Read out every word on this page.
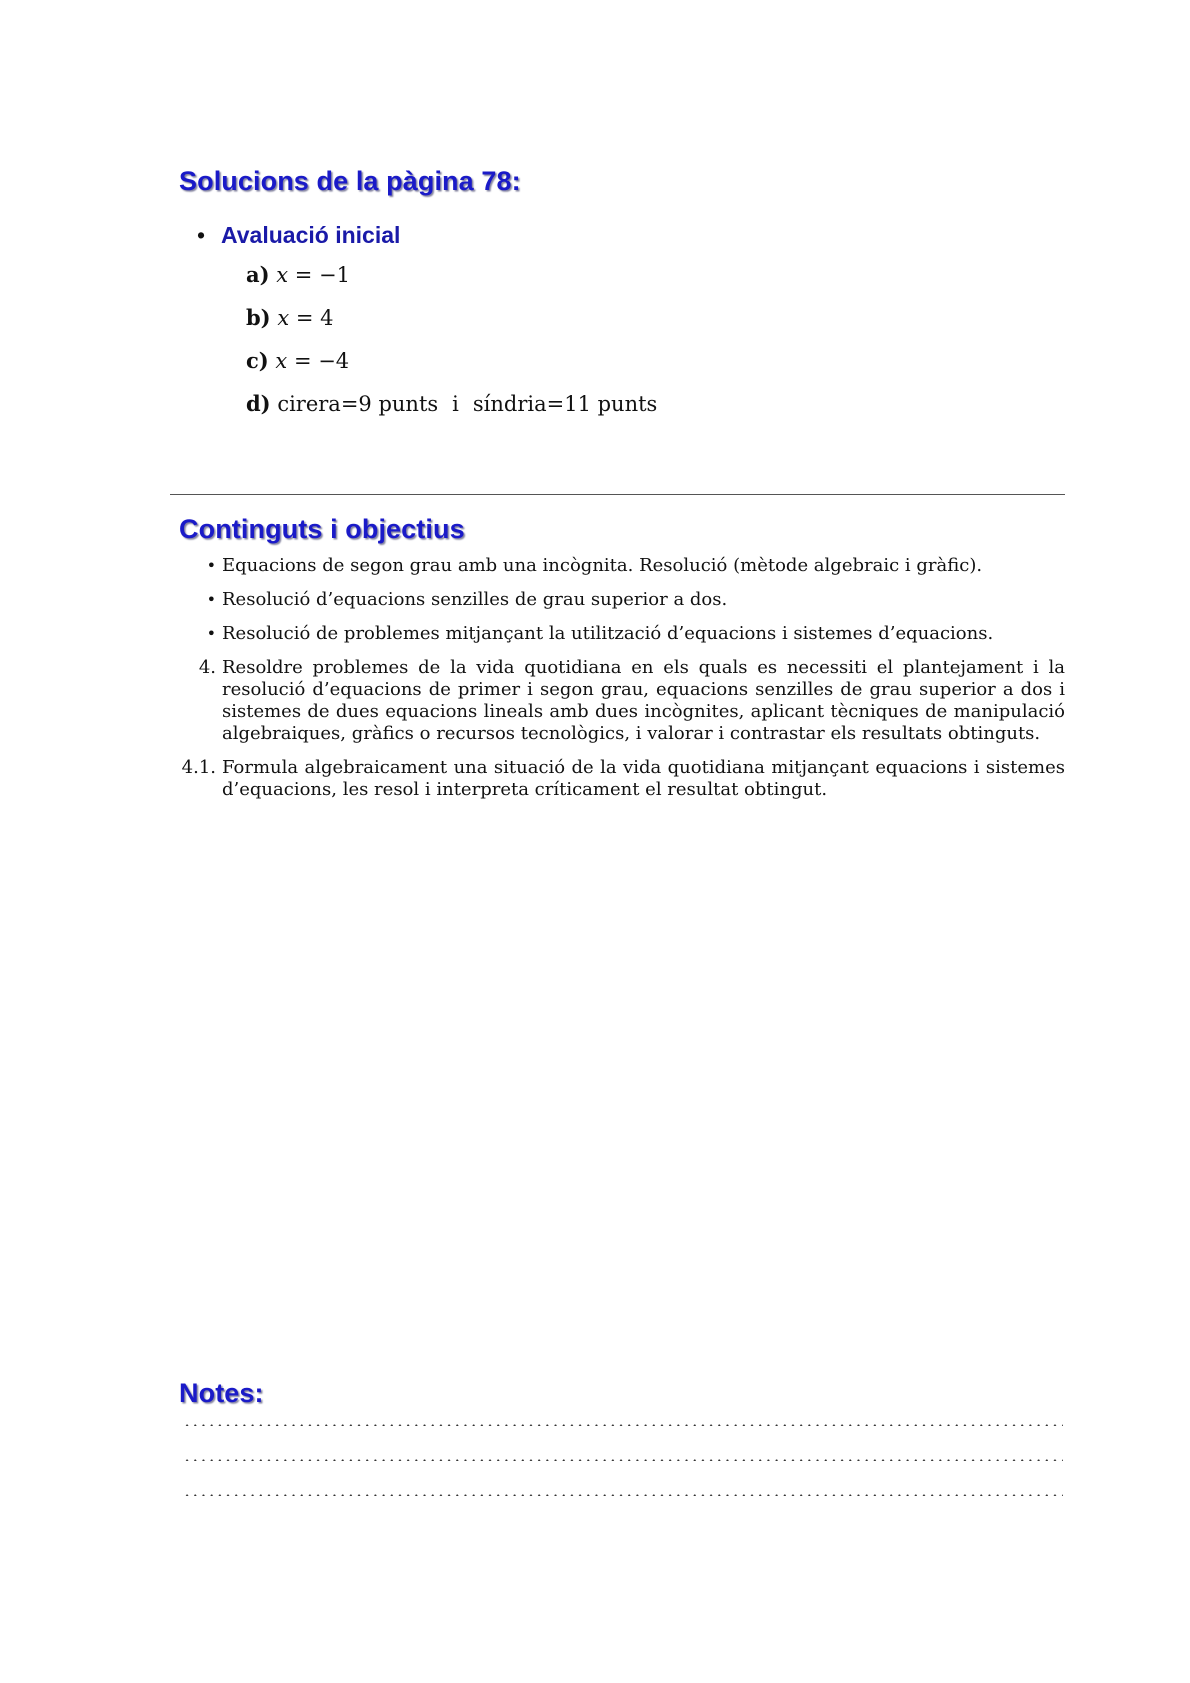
Solucions de la pàgina 78:
• Avaluació inicial
a) x = −1
b) x = 4
c) x = −4
d) cirera=9 punts i síndria=11 punts
Continguts i objectius
• Equacions de segon grau amb una incògnita. Resolució (mètode algebraic i gràfic).
• Resolució d’equacions senzilles de grau superior a dos.
• Resolució de problemes mitjançant la utilització d’equacions i sistemes d’equacions.
4. Resoldre problemes de la vida quotidiana en els quals es necessiti el plantejament i la resolució d’equacions de primer i segon grau, equacions senzilles de grau superior a dos i sistemes de dues equacions lineals amb dues incògnites, aplicant tècniques de manipulació algebraiques, gràfics o recursos tecnològics, i valorar i contrastar els resultats obtinguts.
4.1. Formula algebraicament una situació de la vida quotidiana mitjançant equacions i sistemes d’equacions, les resol i interpreta críticament el resultat obtingut.
Notes:
